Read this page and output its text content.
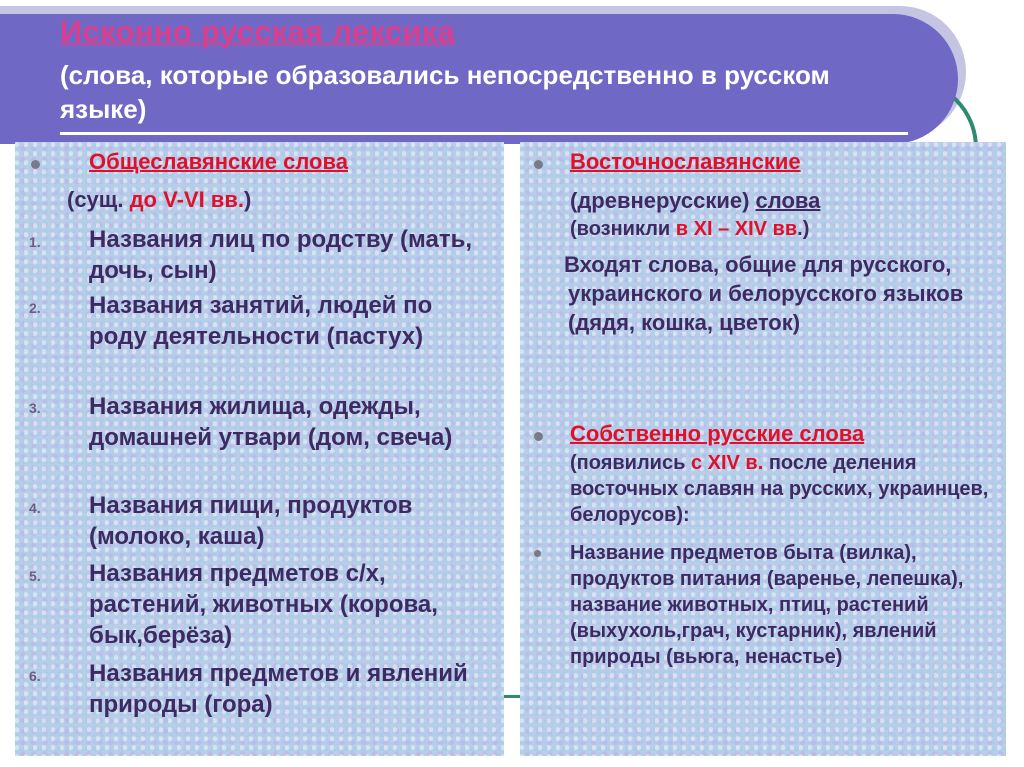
Исконно русская лексика

(слова, которые образовались непосредственно в русском языке)

Общеславянские слова

(сущ. до V-VI вв.)

1. Названия лиц по родству (мать, дочь, сын)

2. Названия занятий, людей по роду деятельности (пастух)

3. Названия жилища, одежды, домашней утвари (дом, свеча)

4. Названия пищи, продуктов (молоко, каша)

5. Названия предметов с/х, растений, животных (корова, бык,берёза)

6. Названия предметов и явлений природы (гора)

Восточнославянские

(древнерусские) слова

(возникли в XI – XIV вв.)

Входят слова, общие для русского, украинского и белорусского языков (дядя, кошка, цветок)

Собственно русские слова

(появились с XIV в. после деления восточных славян на русских, украинцев, белорусов):

Название предметов быта (вилка), продуктов питания (варенье, лепешка), название животных, птиц, растений (выхухоль,грач, кустарник), явлений природы (вьюга, ненастье)
